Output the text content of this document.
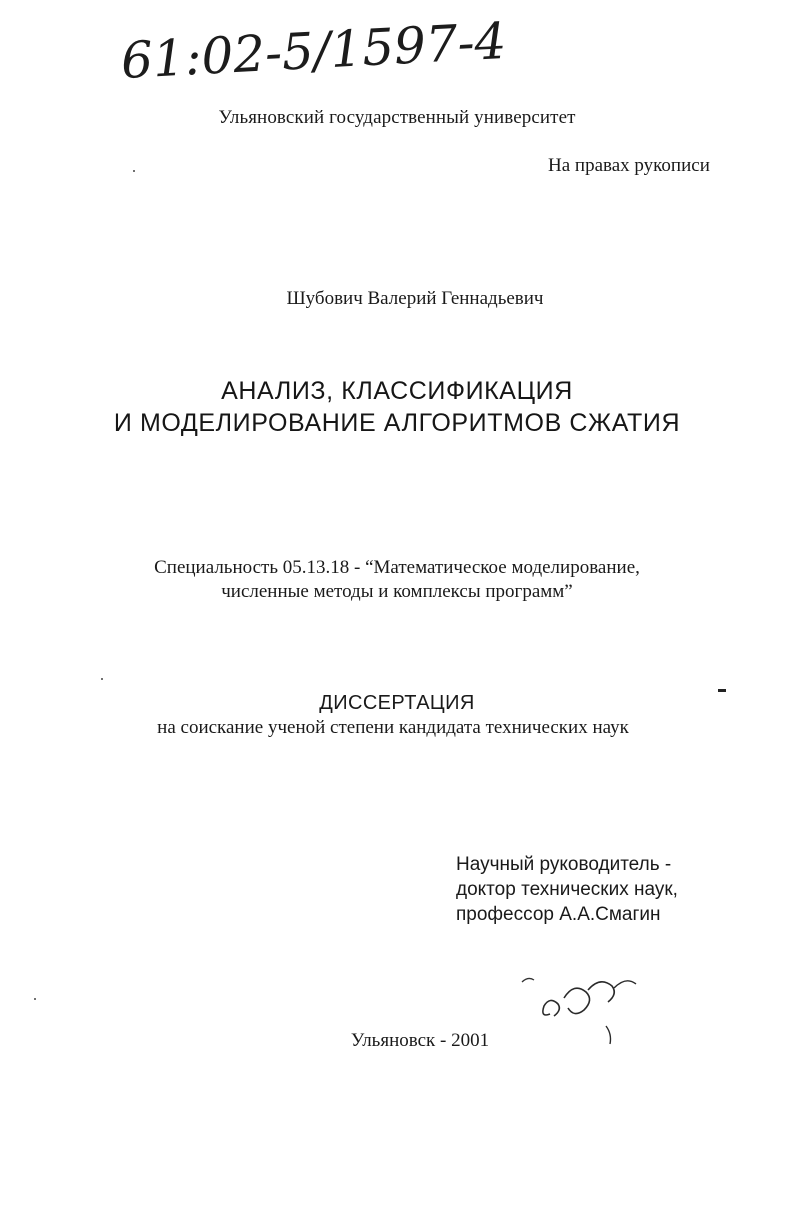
61:02-5/1597-4
Ульяновский государственный университет
На правах рукописи
Шубович Валерий Геннадьевич
АНАЛИЗ, КЛАССИФИКАЦИЯ
И МОДЕЛИРОВАНИЕ АЛГОРИТМОВ СЖАТИЯ
Специальность 05.13.18 - “Математическое моделирование,
численные методы и комплексы программ”
ДИССЕРТАЦИЯ
на соискание ученой степени кандидата технических наук
Научный руководитель -
доктор технических наук,
профессор А.А.Смагин
Ульяновск - 2001
